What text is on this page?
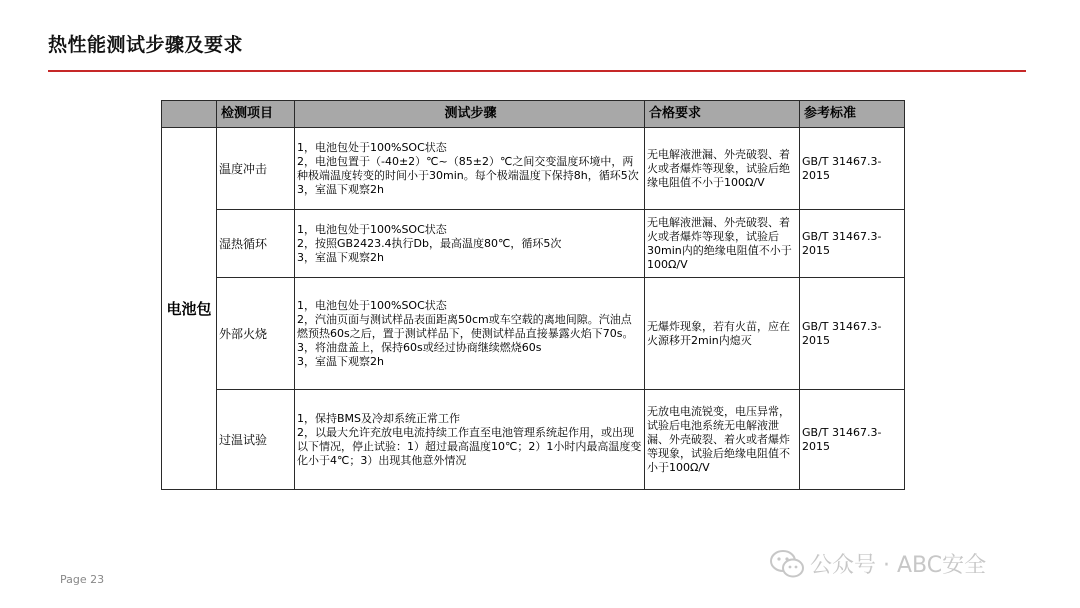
热性能测试步骤及要求
	检测项目	测试步骤	合格要求	参考标准
电池包	温度冲击	1，电池包处于100%SOC状态
2，电池包置于（-40±2）℃~（85±2）℃之间交变温度环境中，两种极端温度转变的时间小于30min。每个极端温度下保持8h，循环5次
3，室温下观察2h	无电解液泄漏、外壳破裂、着火或者爆炸等现象，试验后绝缘电阻值不小于100Ω/V	GB/T 31467.3-2015
	湿热循环	1，电池包处于100%SOC状态
2，按照GB2423.4执行Db，最高温度80℃，循环5次
3，室温下观察2h	无电解液泄漏、外壳破裂、着火或者爆炸等现象，试验后30min内的绝缘电阻值不小于100Ω/V	GB/T 31467.3-2015
	外部火烧	1，电池包处于100%SOC状态
2，汽油页面与测试样品表面距离50cm或车空载的离地间隙。汽油点燃预热60s之后，置于测试样品下，使测试样品直接暴露火焰下70s。
3，将油盘盖上，保持60s或经过协商继续燃烧60s
3，室温下观察2h	无爆炸现象，若有火苗，应在火源移开2min内熄灭	GB/T 31467.3-2015
	过温试验	1，保持BMS及冷却系统正常工作
2，以最大允许充放电电流持续工作直至电池管理系统起作用，或出现以下情况，停止试验：1）超过最高温度10℃；2）1小时内最高温度变化小于4℃；3）出现其他意外情况	无放电电流锐变，电压异常，试验后电池系统无电解液泄漏、外壳破裂、着火或者爆炸等现象，试验后绝缘电阻值不小于100Ω/V	GB/T 31467.3-2015
Page 23
公众号 · ABC安全
